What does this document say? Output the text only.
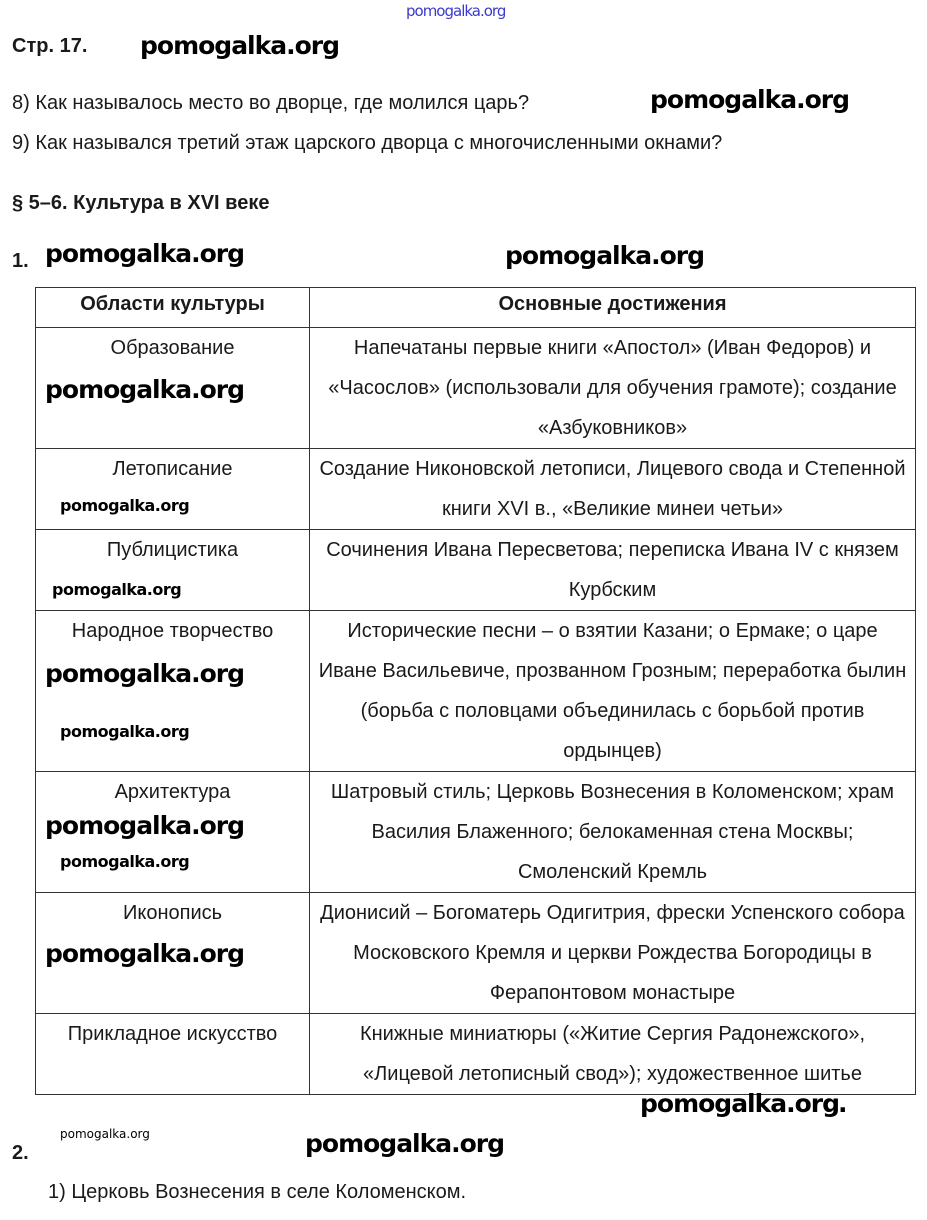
Стр. 17.
8) Как называлось место во дворце, где молился царь?
9) Как назывался третий этаж царского дворца с многочисленными окнами?
§ 5–6. Культура в XVI веке
1.
Области культуры	Основные достижения
Образование	Напечатаны первые книги «Апостол» (Иван Федоров) и «Часослов» (использовали для обучения грамоте); создание «Азбуковников»
Летописание	Создание Никоновской летописи, Лицевого свода и Степенной книги XVI в., «Великие минеи четьи»
Публицистика	Сочинения Ивана Пересветова; переписка Ивана IV с князем Курбским
Народное творчество	Исторические песни – о взятии Казани; о Ермаке; о царе Иване Васильевиче, прозванном Грозным; переработка былин (борьба с половцами объединилась с борьбой против ордынцев)
Архитектура	Шатровый стиль; Церковь Вознесения в Коломенском; храм Василия Блаженного; белокаменная стена Москвы; Смоленский Кремль
Иконопись	Дионисий – Богоматерь Одигитрия, фрески Успенского собора Московского Кремля и церкви Рождества Богородицы в Ферапонтовом монастыре
Прикладное искусство	Книжные миниатюры («Житие Сергия Радонежского», «Лицевой летописный свод»); художественное шитье
2.
1) Церковь Вознесения в селе Коломенском.
pomogalka.org
pomogalka.org
pomogalka.org
pomogalka.org	pomogalka.org
pomogalka.org
pomogalka.org
pomogalka.org
pomogalka.org
pomogalka.org
pomogalka.org
pomogalka.org
pomogalka.org
pomogalka.org
.
pomogalka.org	pomogalka.org
